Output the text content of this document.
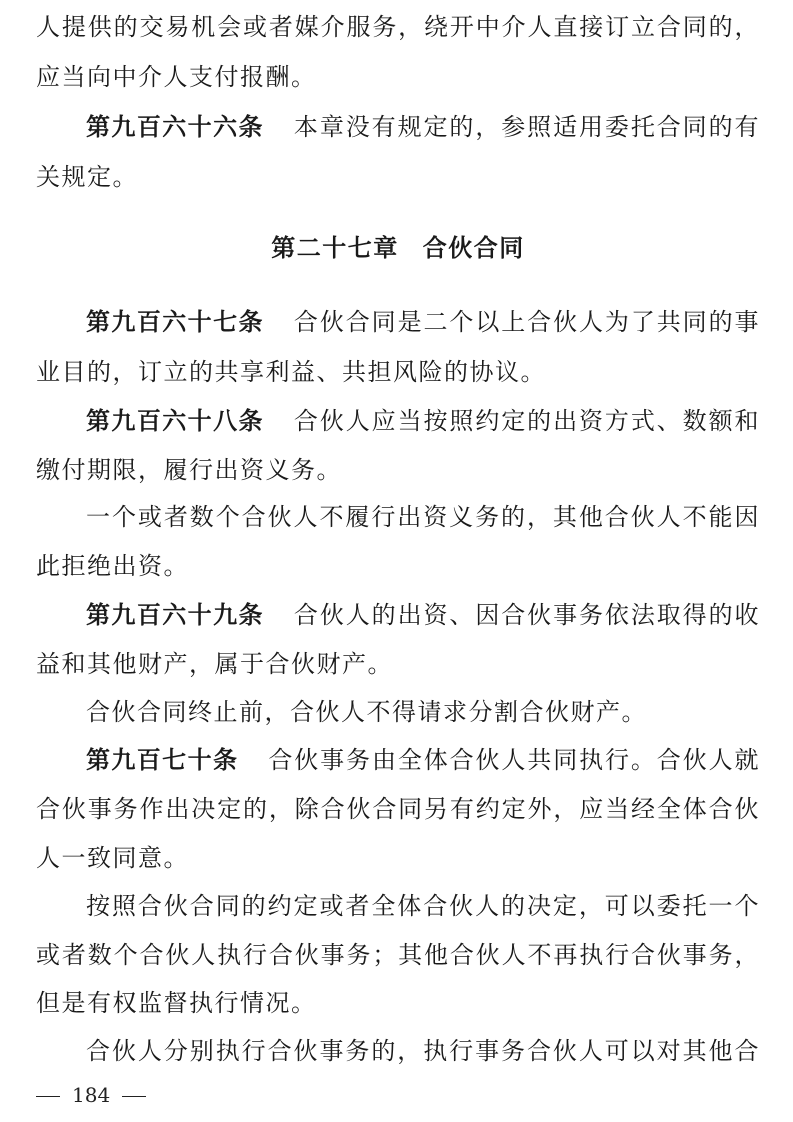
人提供的交易机会或者媒介服务，绕开中介人直接订立合同的，
应当向中介人支付报酬。
第九百六十六条 本章没有规定的，参照适用委托合同的有
关规定。
第二十七章 合伙合同
第九百六十七条 合伙合同是二个以上合伙人为了共同的事
业目的，订立的共享利益、共担风险的协议。
第九百六十八条 合伙人应当按照约定的出资方式、数额和
缴付期限，履行出资义务。
一个或者数个合伙人不履行出资义务的，其他合伙人不能因
此拒绝出资。
第九百六十九条 合伙人的出资、因合伙事务依法取得的收
益和其他财产，属于合伙财产。
合伙合同终止前，合伙人不得请求分割合伙财产。
第九百七十条 合伙事务由全体合伙人共同执行。合伙人就
合伙事务作出决定的，除合伙合同另有约定外，应当经全体合伙
人一致同意。
按照合伙合同的约定或者全体合伙人的决定，可以委托一个
或者数个合伙人执行合伙事务；其他合伙人不再执行合伙事务，
但是有权监督执行情况。
合伙人分别执行合伙事务的，执行事务合伙人可以对其他合
184
